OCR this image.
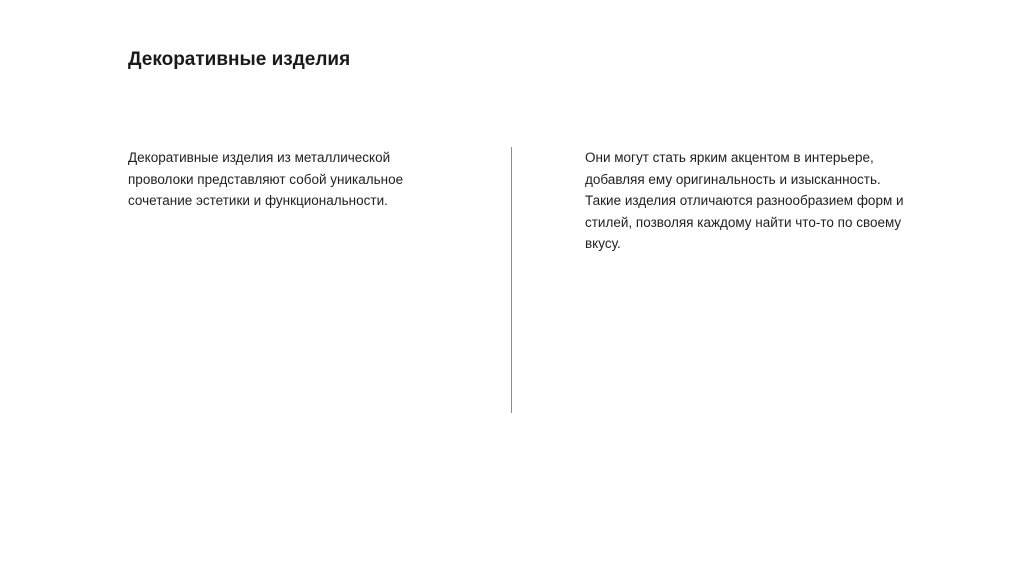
Декоративные изделия

Декоративные изделия из металлической
проволоки представляют собой уникальное
сочетание эстетики и функциональности.

Они могут стать ярким акцентом в интерьере,
добавляя ему оригинальность и изысканность.
Такие изделия отличаются разнообразием форм и
стилей, позволяя каждому найти что-то по своему
вкусу.
